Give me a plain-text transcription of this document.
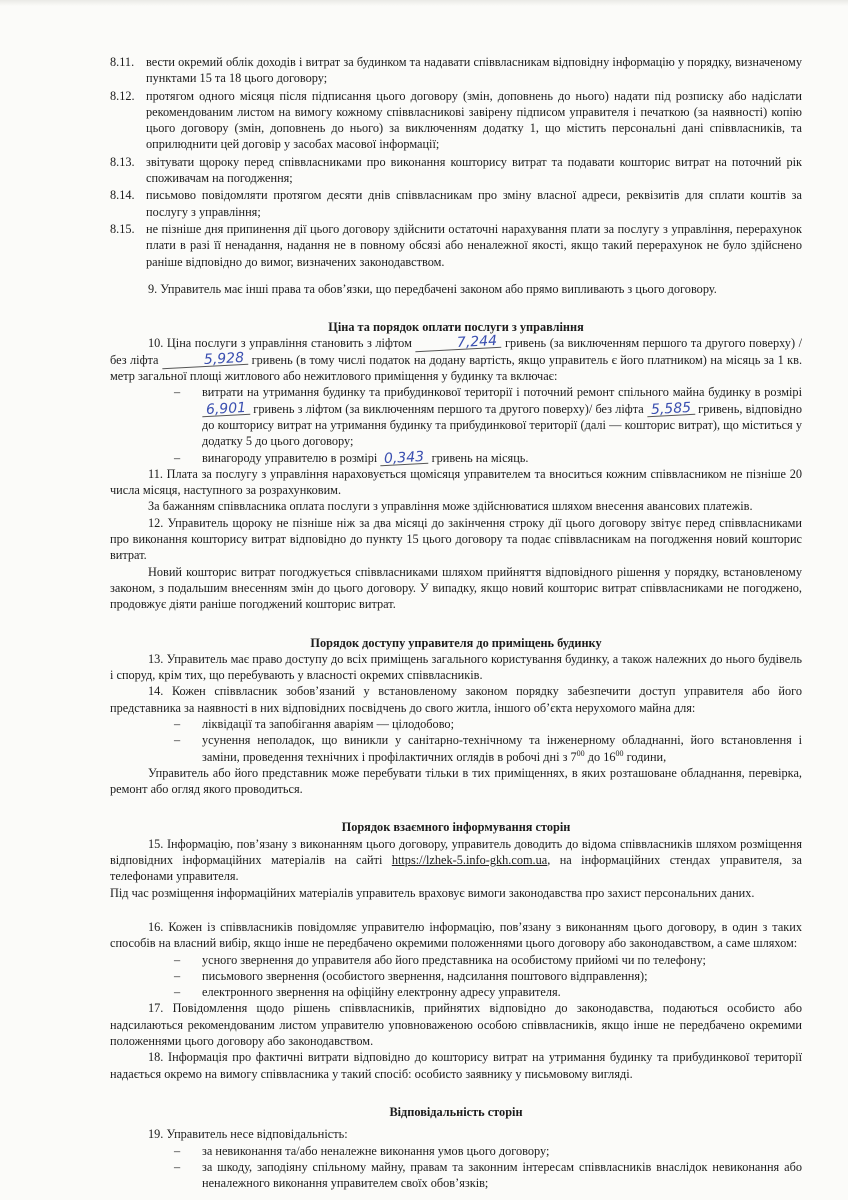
8.11. вести окремий облік доходів і витрат за будинком та надавати співвласникам відповідну інформацію у порядку, визначеному пунктами 15 та 18 цього договору;
8.12. протягом одного місяця після підписання цього договору (змін, доповнень до нього) надати під розписку або надіслати рекомендованим листом на вимогу кожному співвласникові завірену підписом управителя і печаткою (за наявності) копію цього договору (змін, доповнень до нього) за виключенням додатку 1, що містить персональні дані співвласників, та оприлюднити цей договір у засобах масової інформації;
8.13. звітувати щороку перед співвласниками про виконання кошторису витрат та подавати кошторис витрат на поточний рік споживачам на погодження;
8.14. письмово повідомляти протягом десяти днів співвласникам про зміну власної адреси, реквізитів для сплати коштів за послугу з управління;
8.15. не пізніше дня припинення дії цього договору здійснити остаточні нарахування плати за послугу з управління, перерахунок плати в разі її ненадання, надання не в повному обсязі або неналежної якості, якщо такий перерахунок не було здійснено раніше відповідно до вимог, визначених законодавством.

9. Управитель має інші права та обов’язки, що передбачені законом або прямо випливають з цього договору.

Ціна та порядок оплати послуги з управління

10. Ціна послуги з управління становить з ліфтом	7,244 гривень (за виключенням першого та другого поверху) / без ліфта	5,928 гривень (в тому числі податок на додану вартість, якщо управитель є його платником) на місяць за 1 кв. метр загальної площі житлового або нежитлового приміщення у будинку та включає:

–	витрати на утримання будинку та прибудинкової території і поточний ремонт спільного майна будинку в розмірі 6,901 гривень з ліфтом (за виключенням першого та другого поверху)/ без ліфта 5,585 гривень, відповідно до кошторису витрат на утримання будинку та прибудинкової території (далі — кошторис витрат), що міститься у додатку 5 до цього договору;
–	винагороду управителю в розмірі 0,343 гривень на місяць.

11. Плата за послугу з управління нараховується щомісяця управителем та вноситься кожним співвласником не пізніше 20 числа місяця, наступного за розрахунковим.

За бажанням співвласника оплата послуги з управління може здійснюватися шляхом внесення авансових платежів.

12. Управитель щороку не пізніше ніж за два місяці до закінчення строку дії цього договору звітує перед співвласниками про виконання кошторису витрат відповідно до пункту 15 цього договору та подає співвласникам на погодження новий кошторис витрат.

Новий кошторис витрат погоджується співвласниками шляхом прийняття відповідного рішення у порядку, встановленому законом, з подальшим внесенням змін до цього договору. У випадку, якщо новий кошторис витрат співвласниками не погоджено, продовжує діяти раніше погоджений кошторис витрат.

Порядок доступу управителя до приміщень будинку

13. Управитель має право доступу до всіх приміщень загального користування будинку, а також належних до нього будівель і споруд, крім тих, що перебувають у власності окремих співвласників.

14. Кожен співвласник зобов’язаний у встановленому законом порядку забезпечити доступ управителя або його представника за наявності в них відповідних посвідчень до свого житла, іншого об’єкта нерухомого майна для:

–	ліквідації та запобігання аваріям — цілодобово;
–	усунення неполадок, що виникли у санітарно-технічному та інженерному обладнанні, його встановлення і заміни, проведення технічних і профілактичних оглядів в робочі дні з $7^{00}$ до $16^{00}$ години,

Управитель або його представник може перебувати тільки в тих приміщеннях, в яких розташоване обладнання, перевірка, ремонт або огляд якого проводиться.

Порядок взаємного інформування сторін

15. Інформацію, пов’язану з виконанням цього договору, управитель доводить до відома співвласників шляхом розміщення відповідних інформаційних матеріалів на сайті https://lzhek-5.info-gkh.com.ua, на інформаційних стендах управителя, за телефонами управителя.

Під час розміщення інформаційних матеріалів управитель враховує вимоги законодавства про захист персональних даних.

16. Кожен із співвласників повідомляє управителю інформацію, пов’язану з виконанням цього договору, в один з таких способів на власний вибір, якщо інше не передбачено окремими положеннями цього договору або законодавством, а саме шляхом:

–	усного звернення до управителя або його представника на особистому прийомі чи по телефону;
–	письмового звернення (особистого звернення, надсилання поштового відправлення);
–	електронного звернення на офіційну електронну адресу управителя.

17. Повідомлення щодо рішень співвласників, прийнятих відповідно до законодавства, подаються особисто або надсилаються рекомендованим листом управителю уповноваженою особою співвласників, якщо інше не передбачено окремими положеннями цього договору або законодавством.

18. Інформація про фактичні витрати відповідно до кошторису витрат на утримання будинку та прибудинкової території надається окремо на вимогу співвласника у такий спосіб: особисто заявнику у письмовому вигляді.

Відповідальність сторін

19. Управитель несе відповідальність:

–	за невиконання та/або неналежне виконання умов цього договору;
–	за шкоду, заподіяну спільному майну, правам та законним інтересам співвласників внаслідок невиконання або неналежного виконання управителем своїх обов’язків;
